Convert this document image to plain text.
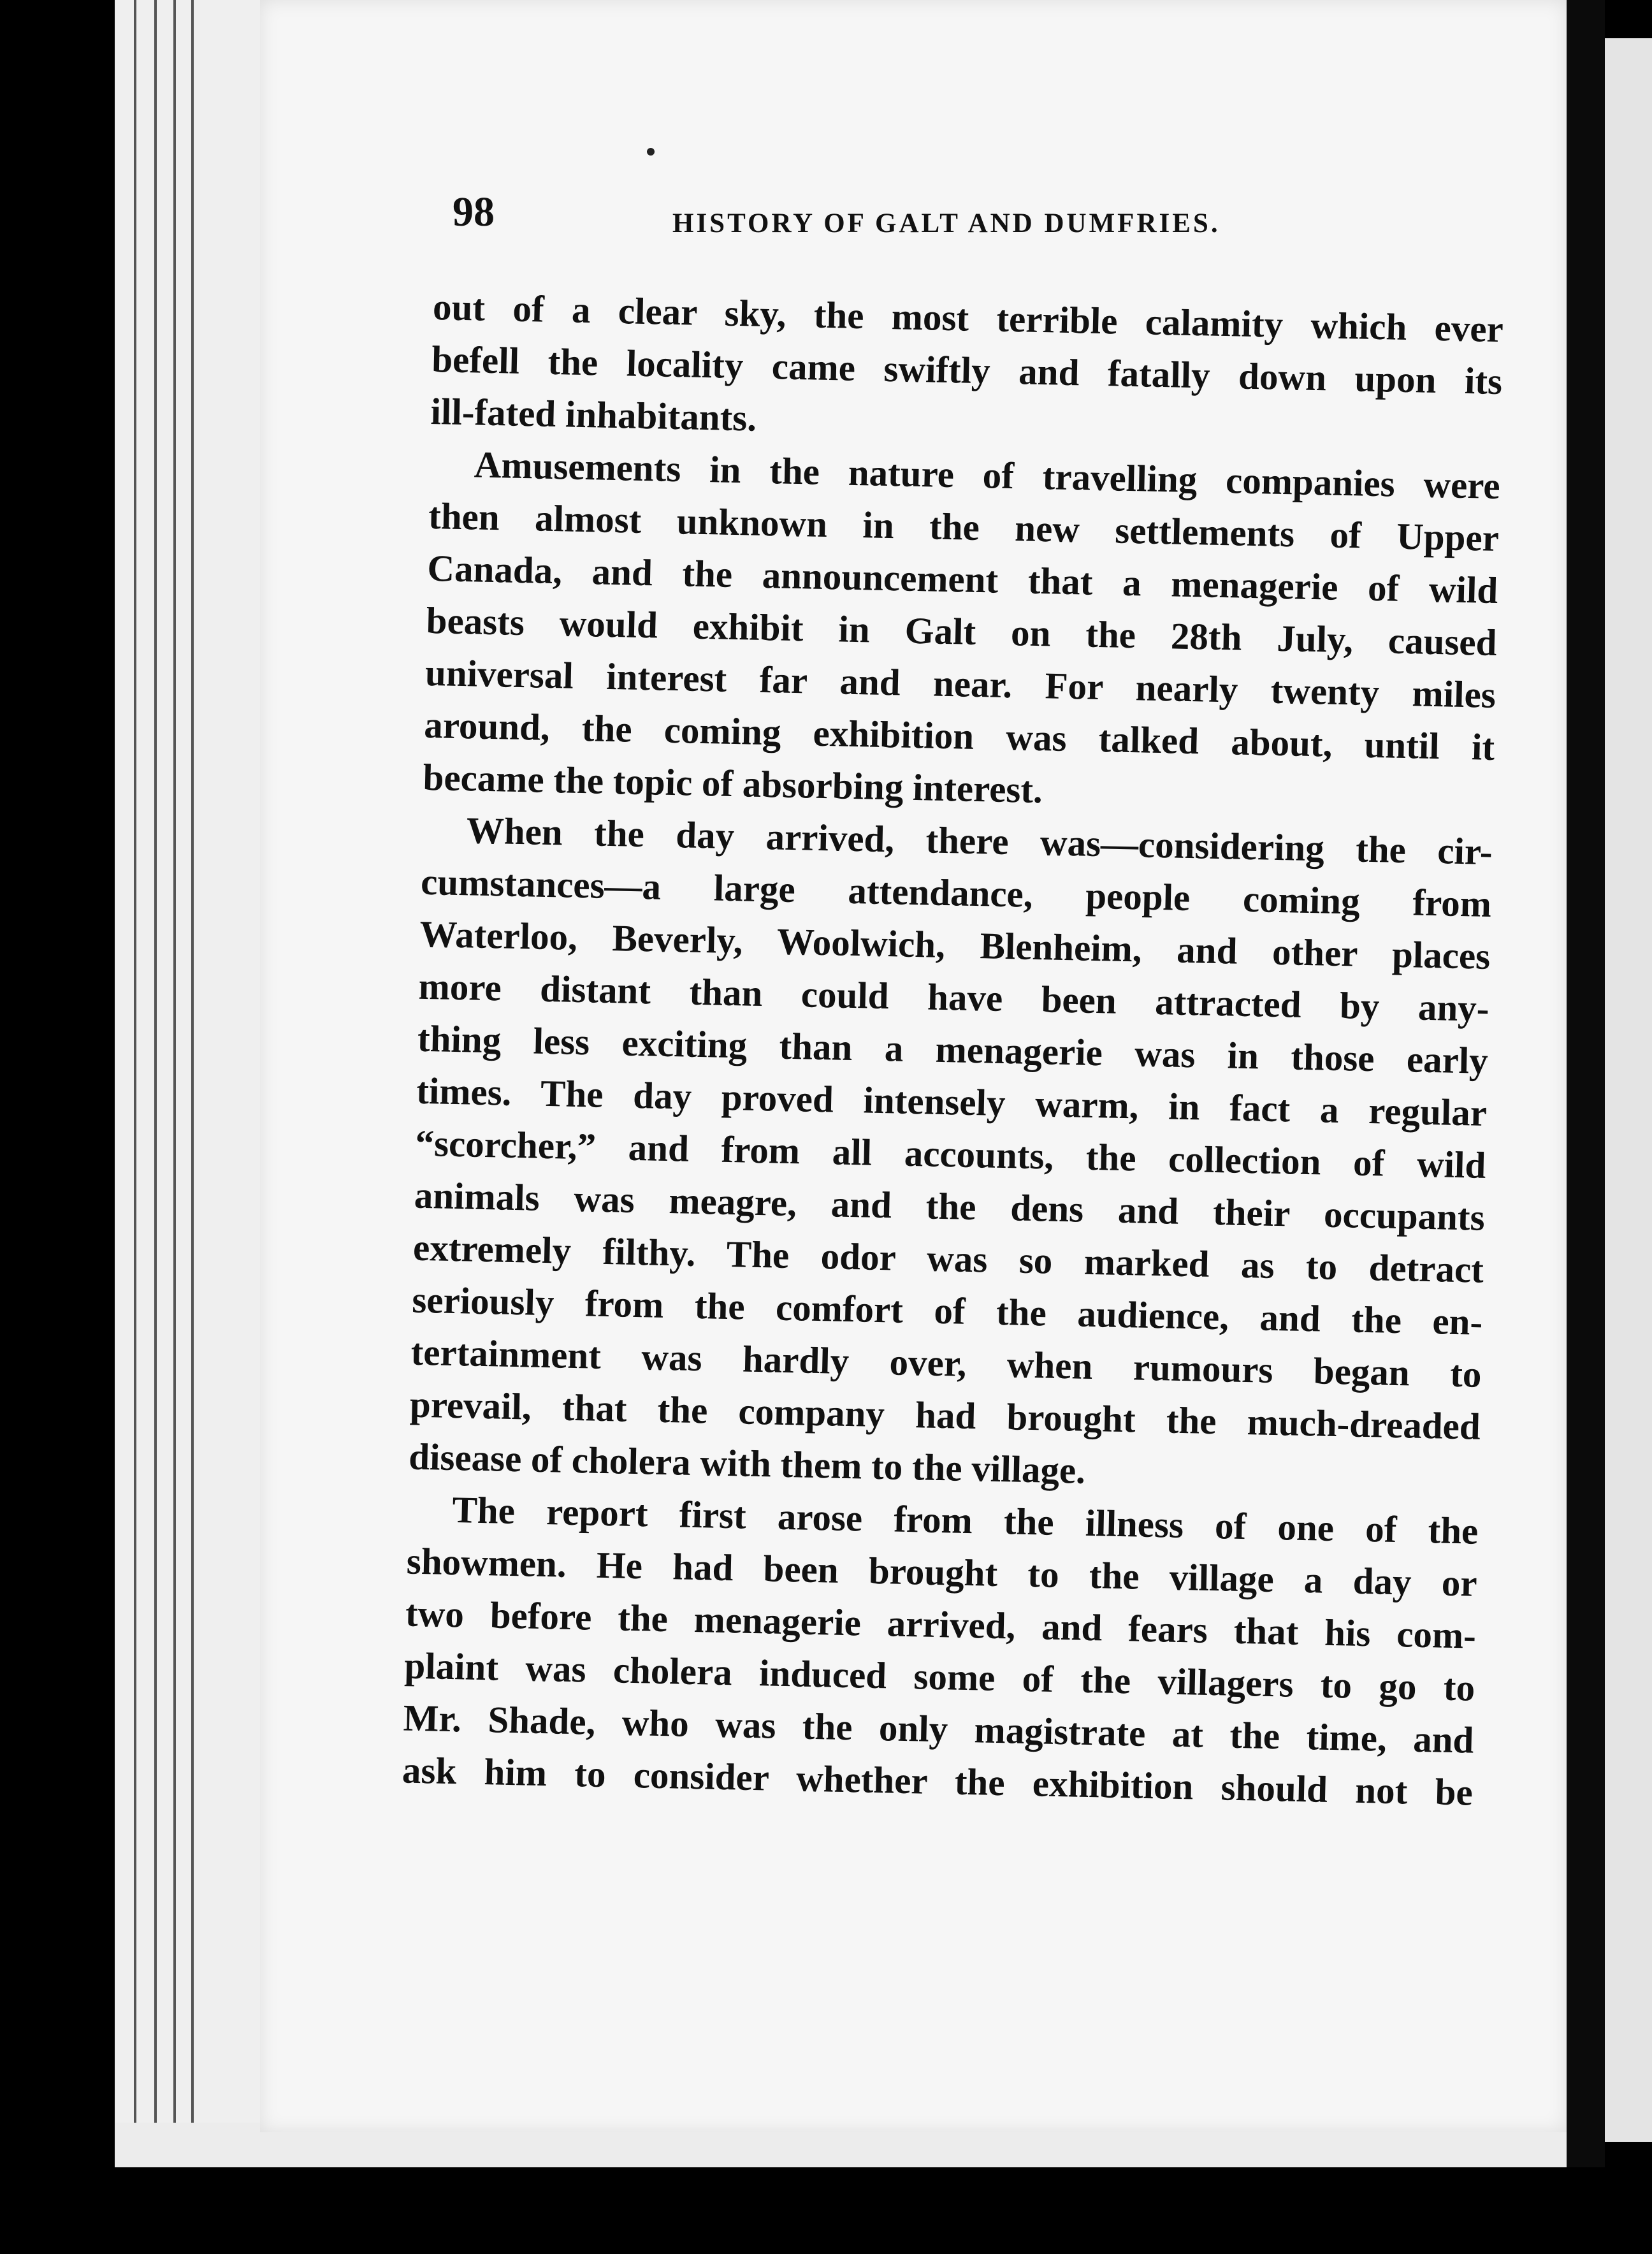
98	HISTORY OF GALT AND DUMFRIES.
out of a clear sky, the most terrible calamity which ever
befell the locality came swiftly and fatally down upon its
ill-fated inhabitants.
Amusements in the nature of travelling companies were
then almost unknown in the new settlements of Upper
Canada, and the announcement that a menagerie of wild
beasts would exhibit in Galt on the 28th July, caused
universal interest far and near. For nearly twenty miles
around, the coming exhibition was talked about, until it
became the topic of absorbing interest.
When the day arrived, there was—considering the cir-
cumstances—a large attendance, people coming from
Waterloo, Beverly, Woolwich, Blenheim, and other places
more distant than could have been attracted by any-
thing less exciting than a menagerie was in those early
times. The day proved intensely warm, in fact a regular
“scorcher,” and from all accounts, the collection of wild
animals was meagre, and the dens and their occupants
extremely filthy. The odor was so marked as to detract
seriously from the comfort of the audience, and the en-
tertainment was hardly over, when rumours began to
prevail, that the company had brought the much-dreaded
disease of cholera with them to the village.
The report first arose from the illness of one of the
showmen. He had been brought to the village a day or
two before the menagerie arrived, and fears that his com-
plaint was cholera induced some of the villagers to go to
Mr. Shade, who was the only magistrate at the time, and
ask him to consider whether the exhibition should not be
